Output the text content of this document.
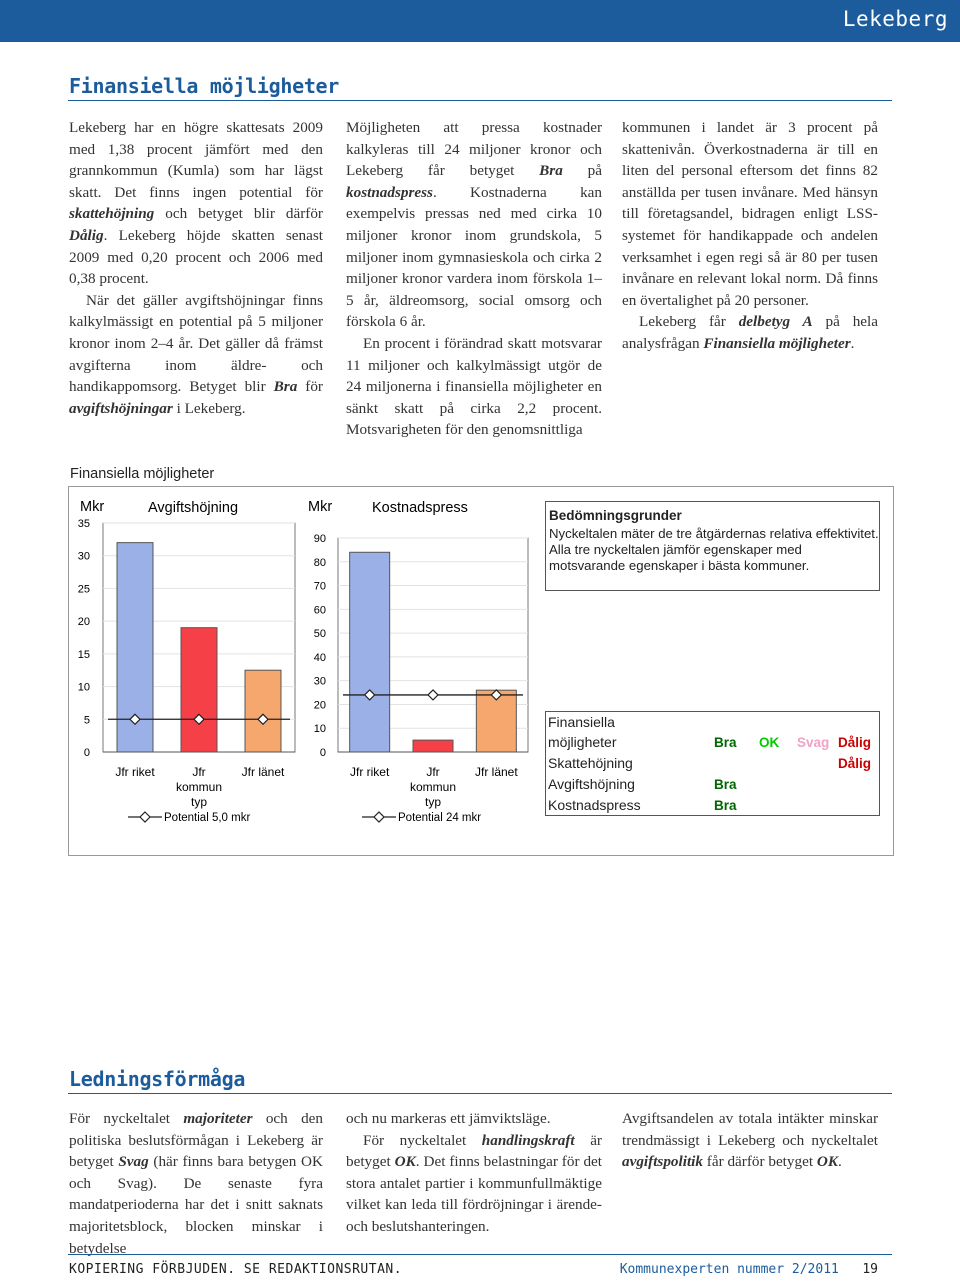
Lekeberg
Finansiella möjligheter

Lekeberg har en högre skattesats 2009 med 1,38 procent jämfört med den grannkommun (Kumla) som har lägst skatt. Det finns ingen potential för skattehöjning och betyget blir därför Dålig. Lekeberg höjde skatten senast 2009 med 0,20 procent och 2006 med 0,38 procent.

När det gäller avgiftshöjningar finns kalkylmässigt en potential på 5 miljoner kronor inom 2–4 år. Det gäller då främst avgifterna inom äldre- och handikappomsorg. Betyget blir Bra för avgiftshöjningar i Lekeberg.

Möjligheten att pressa kostnader kalkyleras till 24 miljoner kronor och Lekeberg får betyget Bra på kostnadspress. Kostnaderna kan exempelvis pressas ned med cirka 10 miljoner kronor inom grundskola, 5 miljoner inom gymnasieskola och cirka 2 miljoner kronor vardera inom förskola 1–5 år, äldreomsorg, social omsorg och förskola 6 år.

En procent i förändrad skatt motsvarar 11 miljoner och kalkylmässigt utgör de 24 miljonerna i finansiella möjligheter en sänkt skatt på cirka 2,2 procent. Motsvarigheten för den genomsnittliga

kommunen i landet är 3 procent på skattenivån. Överkostnaderna är till en liten del personal eftersom det finns 82 anställda per tusen invånare. Med hänsyn till företagsandel, bidragen enligt LSS-systemet för handikappade och andelen verksamhet i egen regi så är 80 per tusen invånare en relevant lokal norm. Då finns en övertalighet på 20 personer.

Lekeberg får delbetyg A på hela analysfrågan Finansiella möjligheter.

Finansiella möjligheter
Mkr	Avgiftshöjning
0
5
10
15
20
25
30
35
Jfr riket	Jfr kommun typ
Jfr länet
Potential 5,0 mkr
Mkr	Kostnadspress
0
10
20
30
40
50
60
70
80
90
Jfr riket	Jfr kommun typ
Jfr länet
Potential 24 mkr
Bedömningsgrunder
Nyckeltalen mäter de tre åtgärdernas relativa effektivitet. Alla tre nyckeltalen jämför egenskaper med motsvarande egenskaper i bästa kommuner.
Finansiella
möjligheter	Bra OK Svag Dålig
Skattehöjning	Dålig
Avgiftshöjning	Bra
Kostnadspress	Bra
Ledningsförmåga

För nyckeltalet majoriteter och den politiska beslutsförmågan i Lekeberg är betyget Svag (här finns bara betygen OK och Svag). De senaste fyra mandatperioderna har det i snitt saknats majoritetsblock, blocken minskar i betydelse

och nu markeras ett jämviktsläge.

För nyckeltalet handlingskraft är betyget OK. Det finns belastningar för det stora antalet partier i kommunfullmäktige vilket kan leda till fördröjningar i ärende- och beslutshanteringen.

Avgiftsandelen av totala intäkter minskar trendmässigt i Lekeberg och nyckeltalet avgiftspolitik får därför betyget OK.

KOPIERING FÖRBJUDEN. SE REDAKTIONSRUTAN.	Kommunexperten nummer 2/2011 19
